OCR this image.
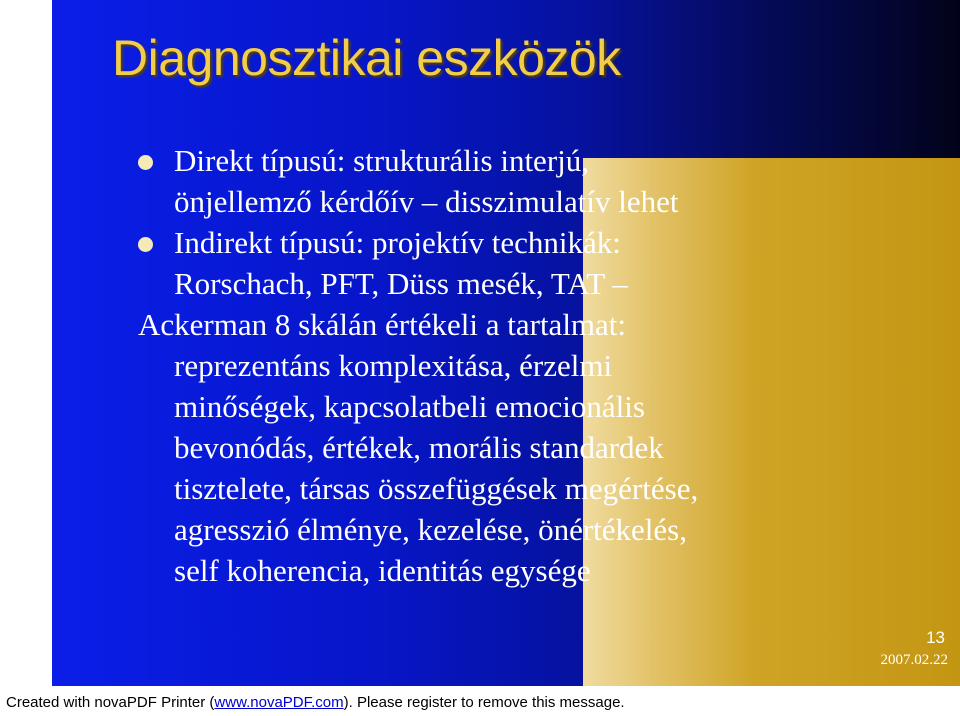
Diagnosztikai eszközök
Direkt típusú: strukturális interjú,
önjellemző kérdőív – disszimulatív lehet
Indirekt típusú: projektív technikák:
Rorschach, PFT, Düss mesék, TAT –
Ackerman 8 skálán értékeli a tartalmat:
reprezentáns komplexitása, érzelmi
minőségek, kapcsolatbeli emocionális
bevonódás, értékek, morális standardek
tisztelete, társas összefüggések megértése,
agresszió élménye, kezelése, önértékelés,
self koherencia, identitás egysége
13
2007.02.22
Created with novaPDF Printer (www.novaPDF.com). Please register to remove this message.
